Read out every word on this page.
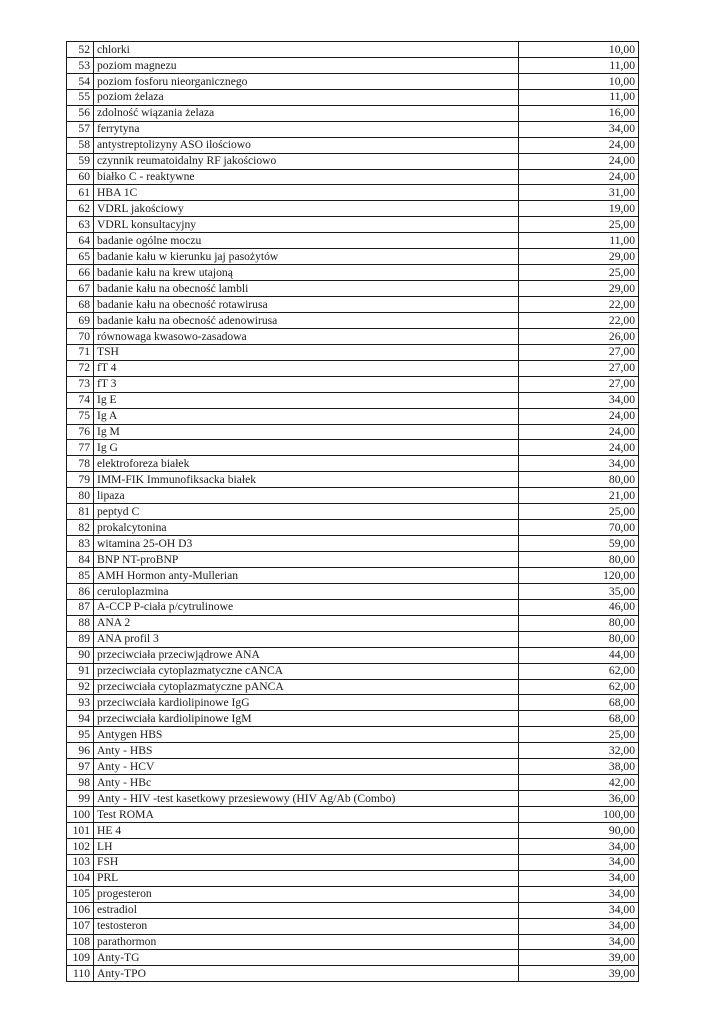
52	chlorki	10,00
53	poziom magnezu	11,00
54	poziom fosforu nieorganicznego	10,00
55	poziom żelaza	11,00
56	zdolność wiązania żelaza	16,00
57	ferrytyna	34,00
58	antystreptolizyny ASO ilościowo	24,00
59	czynnik reumatoidalny RF jakościowo	24,00
60	białko C - reaktywne	24,00
61	HBA 1C	31,00
62	VDRL jakościowy	19,00
63	VDRL konsultacyjny	25,00
64	badanie ogólne moczu	11,00
65	badanie kału w kierunku jaj pasożytów	29,00
66	badanie kału na krew utajoną	25,00
67	badanie kału na obecność lambli	29,00
68	badanie kału na obecność rotawirusa	22,00
69	badanie kału na obecność adenowirusa	22,00
70	równowaga kwasowo-zasadowa	26,00
71	TSH	27,00
72	fT 4	27,00
73	fT 3	27,00
74	Ig E	34,00
75	Ig A	24,00
76	Ig M	24,00
77	Ig G	24,00
78	elektroforeza białek	34,00
79	IMM-FIK Immunofiksacka białek	80,00
80	lipaza	21,00
81	peptyd C	25,00
82	prokalcytonina	70,00
83	witamina 25-OH D3	59,00
84	BNP NT-proBNP	80,00
85	AMH Hormon anty-Mullerian	120,00
86	ceruloplazmina	35,00
87	A-CCP P-ciała p/cytrulinowe	46,00
88	ANA 2	80,00
89	ANA profil 3	80,00
90	przeciwciała przeciwjądrowe ANA	44,00
91	przeciwciała cytoplazmatyczne cANCA	62,00
92	przeciwciała cytoplazmatyczne pANCA	62,00
93	przeciwciała kardiolipinowe IgG	68,00
94	przeciwciała kardiolipinowe IgM	68,00
95	Antygen HBS	25,00
96	Anty - HBS	32,00
97	Anty - HCV	38,00
98	Anty - HBc	42,00
99	Anty - HIV -test kasetkowy przesiewowy (HIV Ag/Ab (Combo)	36,00
100	Test ROMA	100,00
101	HE 4	90,00
102	LH	34,00
103	FSH	34,00
104	PRL	34,00
105	progesteron	34,00
106	estradiol	34,00
107	testosteron	34,00
108	parathormon	34,00
109	Anty-TG	39,00
110	Anty-TPO	39,00
